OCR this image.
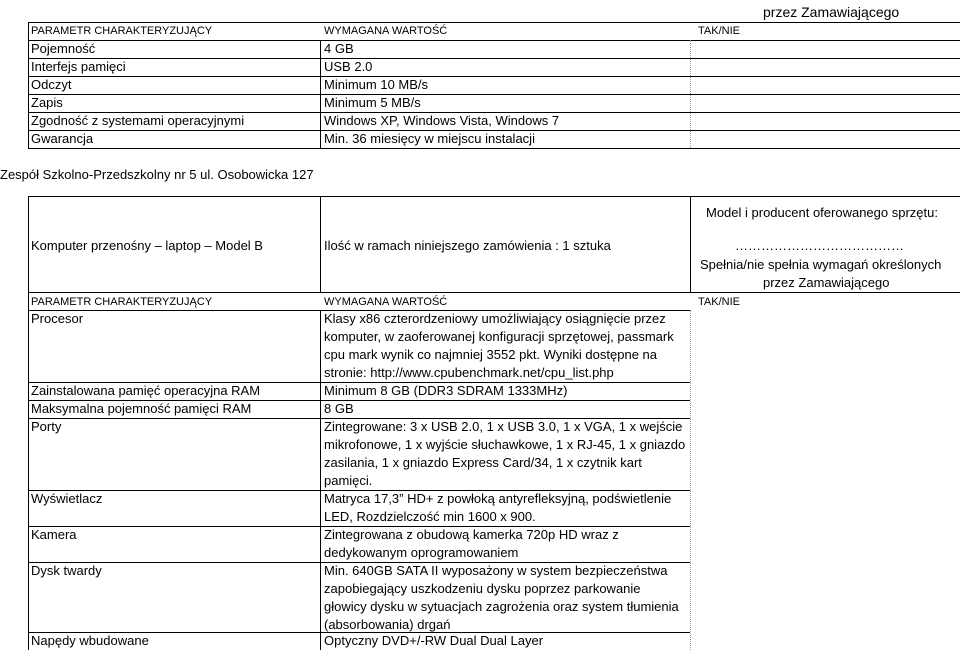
przez Zamawiającego
PARAMETR CHARAKTERYZUJĄCY	WYMAGANA WARTOŚĆ	TAK/NIE
Pojemność	4 GB
Interfejs pamięci	USB 2.0
Odczyt	Minimum 10 MB/s
Zapis	Minimum 5 MB/s
Zgodność z systemami operacyjnymi	Windows XP, Windows Vista, Windows 7
Gwarancja	Min. 36 miesięcy w miejscu instalacji
Zespół Szkolno-Przedszkolny nr 5 ul. Osobowicka 127
Komputer przenośny – laptop – Model B	Ilość w ramach niniejszego zamówienia : 1 sztuka
Model i producent oferowanego sprzętu:
…………………………………
Spełnia/nie spełnia wymagań określonych
przez Zamawiającego
PARAMETR CHARAKTERYZUJĄCY	WYMAGANA WARTOŚĆ	TAK/NIE
Procesor	Klasy x86 czterordzeniowy umożliwiający osiągnięcie przez
komputer, w zaoferowanej konfiguracji sprzętowej, passmark
cpu mark wynik co najmniej 3552 pkt. Wyniki dostępne na
stronie: http://www.cpubenchmark.net/cpu_list.php
Zainstalowana pamięć operacyjna RAM	Minimum 8 GB (DDR3 SDRAM 1333MHz)
Maksymalna pojemność pamięci RAM	8 GB
Porty	Zintegrowane: 3 x USB 2.0, 1 x USB 3.0, 1 x VGA, 1 x wejście
mikrofonowe, 1 x wyjście słuchawkowe, 1 x RJ-45, 1 x gniazdo
zasilania, 1 x gniazdo Express Card/34, 1 x czytnik kart
pamięci.
Wyświetlacz	Matryca 17,3” HD+ z powłoką antyrefleksyjną, podświetlenie
LED, Rozdzielczość min 1600 x 900.
Kamera	Zintegrowana z obudową kamerka 720p HD wraz z
dedykowanym oprogramowaniem
Dysk twardy	Min. 640GB SATA II wyposażony w system bezpieczeństwa
zapobiegający uszkodzeniu dysku poprzez parkowanie
głowicy dysku w sytuacjach zagrożenia oraz system tłumienia
(absorbowania) drgań
Napędy wbudowane	Optyczny DVD+/-RW Dual Dual Layer
